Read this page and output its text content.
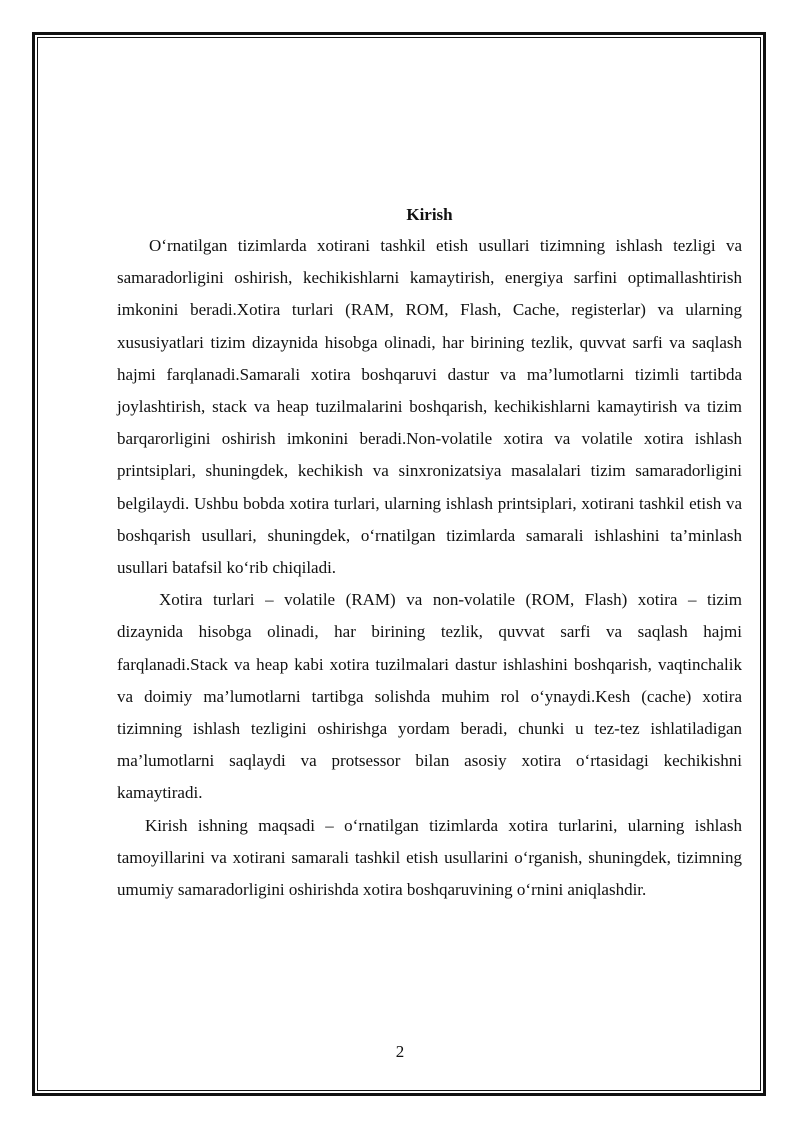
Kirish

O‘rnatilgan tizimlarda xotirani tashkil etish usullari tizimning ishlash tezligi va samaradorligini oshirish, kechikishlarni kamaytirish, energiya sarfini optimallashtirish imkonini beradi.Xotira turlari (RAM, ROM, Flash, Cache, registerlar) va ularning xususiyatlari tizim dizaynida hisobga olinadi, har birining tezlik, quvvat sarfi va saqlash hajmi farqlanadi.Samarali xotira boshqaruvi dastur va ma’lumotlarni tizimli tartibda joylashtirish, stack va heap tuzilmalarini boshqarish, kechikishlarni kamaytirish va tizim barqarorligini oshirish imkonini beradi.Non-volatile xotira va volatile xotira ishlash printsiplari, shuningdek, kechikish va sinxronizatsiya masalalari tizim samaradorligini belgilaydi. Ushbu bobda xotira turlari, ularning ishlash printsiplari, xotirani tashkil etish va boshqarish usullari, shuningdek, o‘rnatilgan tizimlarda samarali ishlashini ta’minlash usullari batafsil ko‘rib chiqiladi.

Xotira turlari – volatile (RAM) va non-volatile (ROM, Flash) xotira – tizim dizaynida hisobga olinadi, har birining tezlik, quvvat sarfi va saqlash hajmi farqlanadi.Stack va heap kabi xotira tuzilmalari dastur ishlashini boshqarish, vaqtinchalik va doimiy ma’lumotlarni tartibga solishda muhim rol o‘ynaydi.Kesh (cache) xotira tizimning ishlash tezligini oshirishga yordam beradi, chunki u tez-tez ishlatiladigan ma’lumotlarni saqlaydi va protsessor bilan asosiy xotira o‘rtasidagi kechikishni kamaytiradi.

Kirish ishning maqsadi – o‘rnatilgan tizimlarda xotira turlarini, ularning ishlash tamoyillarini va xotirani samarali tashkil etish usullarini o‘rganish, shuningdek, tizimning umumiy samaradorligini oshirishda xotira boshqaruvining o‘rnini aniqlashdir.

2
